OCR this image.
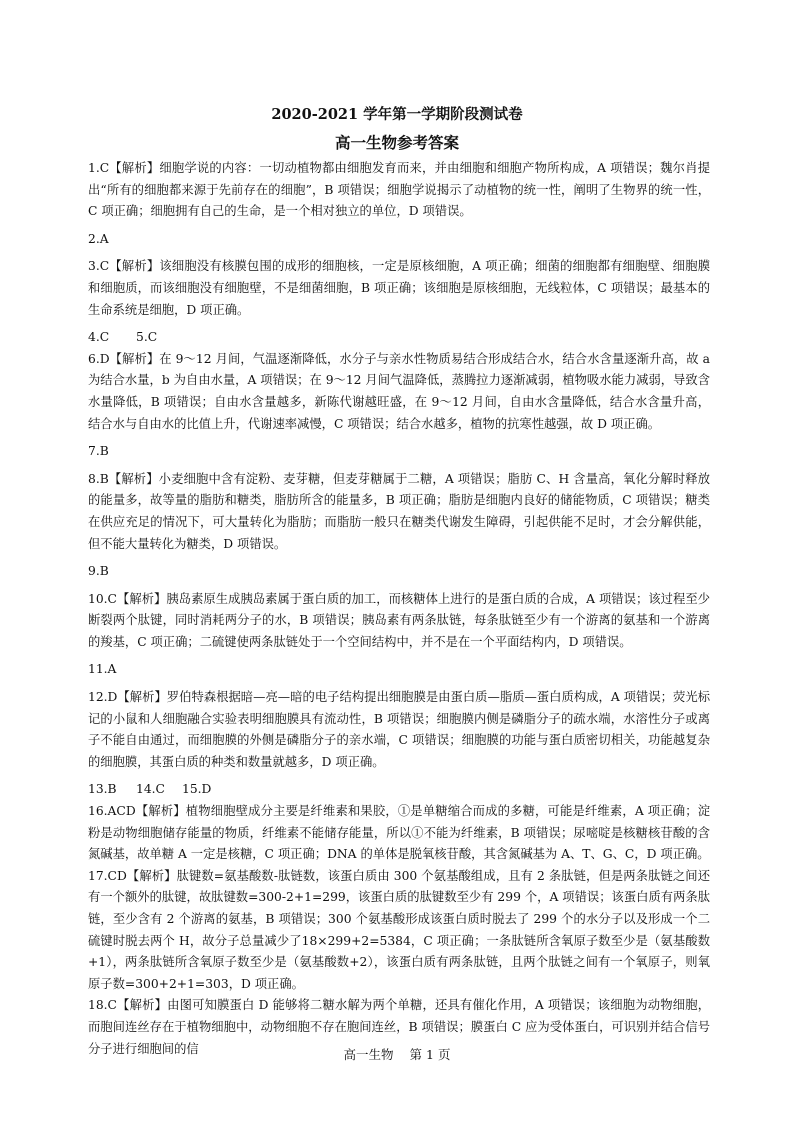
2020-2021 学年第一学期阶段测试卷
高一生物参考答案

1.C【解析】细胞学说的内容：一切动植物都由细胞发育而来，并由细胞和细胞产物所构成，A 项错误；魏尔肖提出“所有的细胞都来源于先前存在的细胞”，B 项错误；细胞学说揭示了动植物的统一性，阐明了生物界的统一性，C 项正确；细胞拥有自己的生命，是一个相对独立的单位，D 项错误。

2.A

3.C【解析】该细胞没有核膜包围的成形的细胞核，一定是原核细胞，A 项正确；细菌的细胞都有细胞壁、细胞膜和细胞质，而该细胞没有细胞壁，不是细菌细胞，B 项正确；该细胞是原核细胞，无线粒体，C 项错误；最基本的生命系统是细胞，D 项正确。

4.C	5.C

6.D【解析】在 9～12 月间，气温逐渐降低，水分子与亲水性物质易结合形成结合水，结合水含量逐渐升高，故 a 为结合水量，b 为自由水量，A 项错误；在 9～12 月间气温降低，蒸腾拉力逐渐减弱，植物吸水能力减弱，导致含水量降低，B 项错误；自由水含量越多，新陈代谢越旺盛，在 9～12 月间，自由水含量降低，结合水含量升高，结合水与自由水的比值上升，代谢速率减慢，C 项错误；结合水越多，植物的抗寒性越强，故 D 项正确。

7.B

8.B【解析】小麦细胞中含有淀粉、麦芽糖，但麦芽糖属于二糖，A 项错误；脂肪 C、H 含量高，氧化分解时释放的能量多，故等量的脂肪和糖类，脂肪所含的能量多，B 项正确；脂肪是细胞内良好的储能物质，C 项错误；糖类在供应充足的情况下，可大量转化为脂肪；而脂肪一般只在糖类代谢发生障碍，引起供能不足时，才会分解供能，但不能大量转化为糖类，D 项错误。

9.B

10.C【解析】胰岛素原生成胰岛素属于蛋白质的加工，而核糖体上进行的是蛋白质的合成，A 项错误；该过程至少断裂两个肽键，同时消耗两分子的水，B 项错误；胰岛素有两条肽链，每条肽链至少有一个游离的氨基和一个游离的羧基，C 项正确；二硫键使两条肽链处于一个空间结构中，并不是在一个平面结构内，D 项错误。

11.A

12.D【解析】罗伯特森根据暗—亮—暗的电子结构提出细胞膜是由蛋白质—脂质—蛋白质构成，A 项错误；荧光标记的小鼠和人细胞融合实验表明细胞膜具有流动性，B 项错误；细胞膜内侧是磷脂分子的疏水端，水溶性分子或离子不能自由通过，而细胞膜的外侧是磷脂分子的亲水端，C 项错误；细胞膜的功能与蛋白质密切相关，功能越复杂的细胞膜，其蛋白质的种类和数量就越多，D 项正确。

13.B	14.C	15.D

16.ACD【解析】植物细胞壁成分主要是纤维素和果胶，①是单糖缩合而成的多糖，可能是纤维素，A 项正确；淀粉是动物细胞储存能量的物质，纤维素不能储存能量，所以①不能为纤维素，B 项错误；尿嘧啶是核糖核苷酸的含氮碱基，故单糖 A 一定是核糖，C 项正确；DNA 的单体是脱氧核苷酸，其含氮碱基为 A、T、G、C，D 项正确。

17.CD【解析】肽键数=氨基酸数-肽链数，该蛋白质由 300 个氨基酸组成，且有 2 条肽链，但是两条肽链之间还有一个额外的肽键，故肽键数=300-2+1=299，该蛋白质的肽键数至少有 299 个，A 项错误；该蛋白质有两条肽链，至少含有 2 个游离的氨基，B 项错误；300 个氨基酸形成该蛋白质时脱去了 299 个的水分子以及形成一个二硫键时脱去两个 H，故分子总量减少了18×299+2=5384，C 项正确；一条肽链所含氧原子数至少是（氨基酸数+1），两条肽链所含氧原子数至少是（氨基酸数+2），该蛋白质有两条肽链，且两个肽链之间有一个氧原子，则氧原子数=300+2+1=303，D 项正确。

18.C【解析】由图可知膜蛋白 D 能够将二糖水解为两个单糖，还具有催化作用，A 项错误；该细胞为动物细胞，而胞间连丝存在于植物细胞中，动物细胞不存在胞间连丝，B 项错误；膜蛋白 C 应为受体蛋白，可识别并结合信号分子进行细胞间的信	高一生物 第 1 页
